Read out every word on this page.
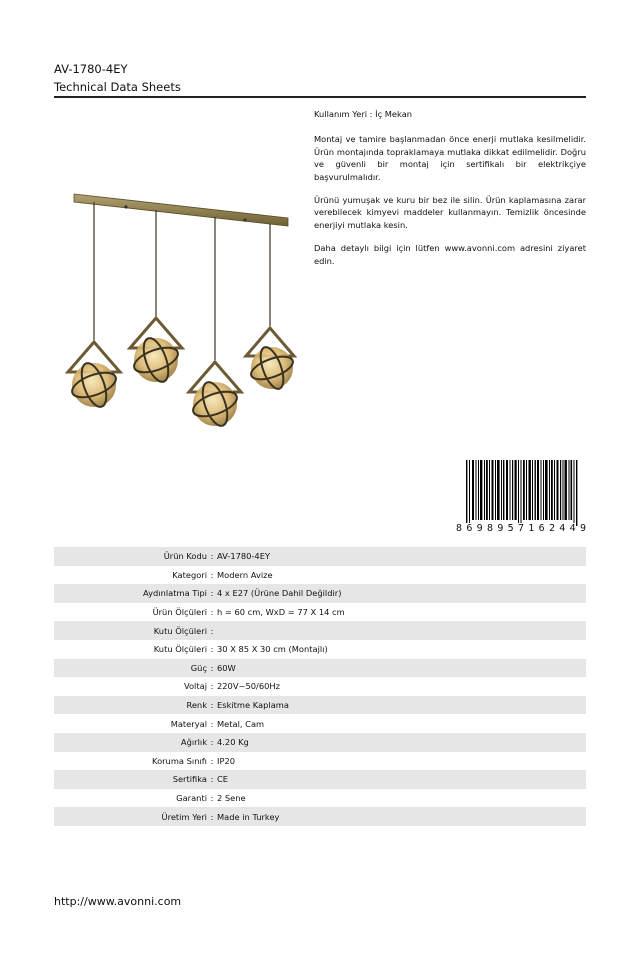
AV-1780-4EY
Technical Data Sheets

Kullanım Yeri : İç Mekan

Montaj ve tamire başlanmadan önce enerji mutlaka kesilmelidir. Ürün montajında topraklamaya mutlaka dikkat edilmelidir. Doğru ve güvenli bir montaj için sertifikalı bir elektrikçiye başvurulmalıdır.

Ürünü yumuşak ve kuru bir bez ile silin. Ürün kaplamasına zarar verebilecek kimyevi maddeler kullanmayın. Temizlik öncesinde enerjiyi mutlaka kesin.

Daha detaylı bilgi için lütfen www.avonni.com adresini ziyaret edin.

8 6 9 8 9 5 7 1 6 2 4 4 9
Ürün Kodu : AV-1780-4EY
Kategori : Modern Avize
Aydınlatma Tipi : 4 x E27 (Ürüne Dahil Değildir)
Ürün Ölçüleri : h = 60 cm, WxD = 77 X 14 cm
Kutu Ölçüleri :
Kutu Ölçüleri : 30 X 85 X 30 cm (Montajlı)
Güç : 60W
Voltaj : 220V~50/60Hz
Renk : Eskitme Kaplama
Materyal : Metal, Cam
Ağırlık : 4.20 Kg
Koruma Sınıfı : IP20
Sertifika : CE
Garanti : 2 Sene
Üretim Yeri : Made in Turkey
http://www.avonni.com
